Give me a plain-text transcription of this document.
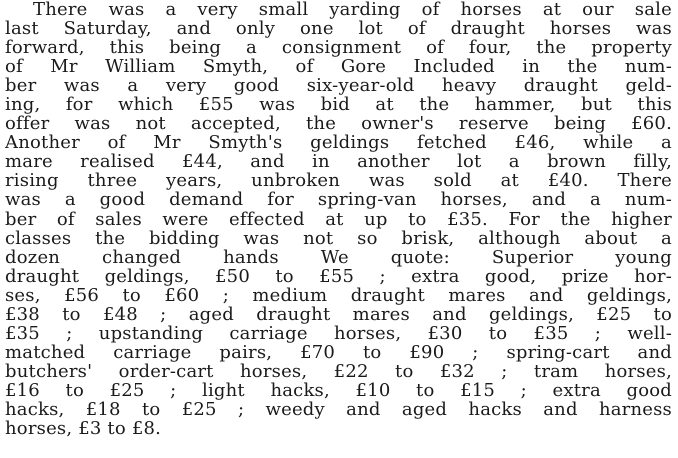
There was a very small yarding of horses at our sale
last Saturday, and only one lot of draught horses was
forward, this being a consignment of four, the property
of Mr William Smyth, of Gore Included in the num-
ber was a very good six-year-old heavy draught geld-
ing, for which £55 was bid at the hammer, but this
offer was not accepted, the owner's reserve being £60.
Another of Mr Smyth's geldings fetched £46, while a
mare realised £44, and in another lot a brown filly,
rising three years, unbroken was sold at £40. There
was a good demand for spring-van horses, and a num-
ber of sales were effected at up to £35. For the higher
classes the bidding was not so brisk, although about a
dozen changed hands We quote: Superior young
draught geldings, £50 to £55 ; extra good, prize hor-
ses, £56 to £60 ; medium draught mares and geldings,
£38 to £48 ; aged draught mares and geldings, £25 to
£35 ; upstanding carriage horses, £30 to £35 ; well-
matched carriage pairs, £70 to £90 ; spring-cart and
butchers' order-cart horses, £22 to £32 ; tram horses,
£16 to £25 ; light hacks, £10 to £15 ; extra good
hacks, £18 to £25 ; weedy and aged hacks and harness
horses, £3 to £8.
